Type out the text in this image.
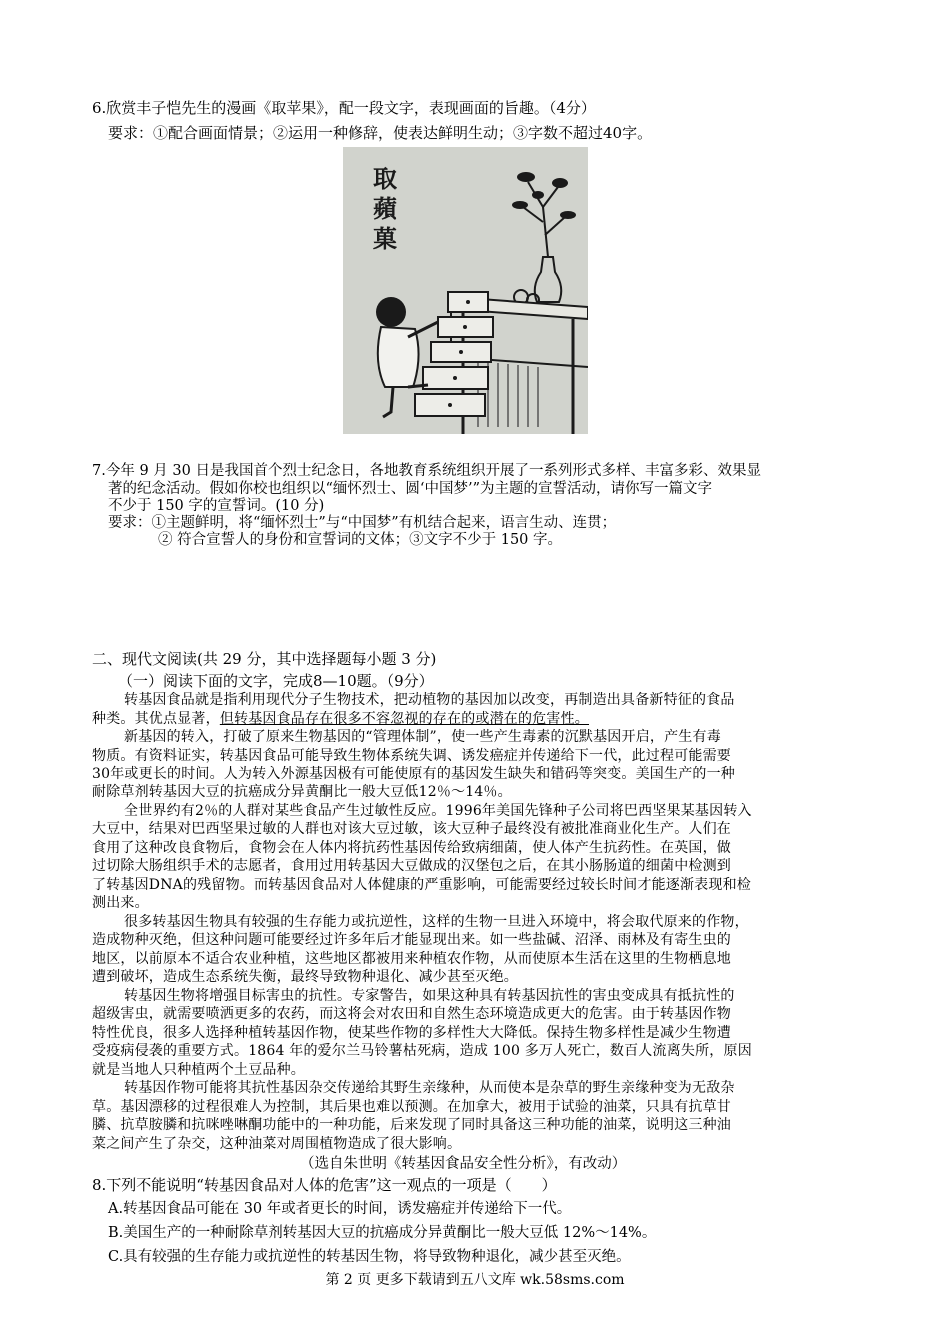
6.欣赏丰子恺先生的漫画《取苹果》，配一段文字，表现画面的旨趣。（4分）
要求：①配合画面情景；②运用一种修辞，使表达鲜明生动；③字数不超过40字。
取
蘋
菓
7.今年 9 月 30 日是我国首个烈士纪念日，各地教育系统组织开展了一系列形式多样、丰富多彩、效果显
著的纪念活动。假如你校也组织以“缅怀烈士、圆‘中国梦’”为主题的宣誓活动，请你写一篇文字
不少于 150 字的宣誓词。(10 分)
要求：①主题鲜明，将“缅怀烈士”与“中国梦”有机结合起来，语言生动、连贯；
② 符合宣誓人的身份和宣誓词的文体；③文字不少于 150 字。
二、现代文阅读(共 29 分，其中选择题每小题 3 分)
（一）阅读下面的文字，完成8—10题。（9分）
转基因食品就是指利用现代分子生物技术，把动植物的基因加以改变，再制造出具备新特征的食品
种类。其优点显著，但转基因食品存在很多不容忽视的存在的或潜在的危害性。
新基因的转入，打破了原来生物基因的“管理体制”，使一些产生毒素的沉默基因开启，产生有毒
物质。有资料证实，转基因食品可能导致生物体系统失调、诱发癌症并传递给下一代，此过程可能需要
30年或更长的时间。人为转入外源基因极有可能使原有的基因发生缺失和错码等突变。美国生产的一种
耐除草剂转基因大豆的抗癌成分异黄酮比一般大豆低12％～14％。
全世界约有2％的人群对某些食品产生过敏性反应。1996年美国先锋种子公司将巴西坚果某基因转入
大豆中，结果对巴西坚果过敏的人群也对该大豆过敏，该大豆种子最终没有被批准商业化生产。人们在
食用了这种改良食物后，食物会在人体内将抗药性基因传给致病细菌，使人体产生抗药性。在英国，做
过切除大肠组织手术的志愿者，食用过用转基因大豆做成的汉堡包之后，在其小肠肠道的细菌中检测到
了转基因DNA的残留物。而转基因食品对人体健康的严重影响，可能需要经过较长时间才能逐渐表现和检
测出来。
很多转基因生物具有较强的生存能力或抗逆性，这样的生物一旦进入环境中，将会取代原来的作物，
造成物种灭绝，但这种问题可能要经过许多年后才能显现出来。如一些盐碱、沼泽、雨林及有寄生虫的
地区，以前原本不适合农业种植，这些地区都被用来种植农作物，从而使原本生活在这里的生物栖息地
遭到破坏，造成生态系统失衡，最终导致物种退化、减少甚至灭绝。
转基因生物将增强目标害虫的抗性。专家警告，如果这种具有转基因抗性的害虫变成具有抵抗性的
超级害虫，就需要喷洒更多的农药，而这将会对农田和自然生态环境造成更大的危害。由于转基因作物
特性优良，很多人选择种植转基因作物，使某些作物的多样性大大降低。保持生物多样性是减少生物遭
受疫病侵袭的重要方式。1864 年的爱尔兰马铃薯枯死病，造成 100 多万人死亡，数百人流离失所，原因
就是当地人只种植两个土豆品种。
转基因作物可能将其抗性基因杂交传递给其野生亲缘种，从而使本是杂草的野生亲缘种变为无敌杂
草。基因漂移的过程很难人为控制，其后果也难以预测。在加拿大，被用于试验的油菜，只具有抗草甘
膦、抗草胺膦和抗咪唑啉酮功能中的一种功能，后来发现了同时具备这三种功能的油菜，说明这三种油
菜之间产生了杂交，这种油菜对周围植物造成了很大影响。
（选自朱世明《转基因食品安全性分析》，有改动）
8.下列不能说明“转基因食品对人体的危害”这一观点的一项是（　　）
A.转基因食品可能在 30 年或者更长的时间，诱发癌症并传递给下一代。
B.美国生产的一种耐除草剂转基因大豆的抗癌成分异黄酮比一般大豆低 12%～14%。
C.具有较强的生存能力或抗逆性的转基因生物，将导致物种退化，减少甚至灭绝。
第 2 页 更多下载请到五八文库 wk.58sms.com
